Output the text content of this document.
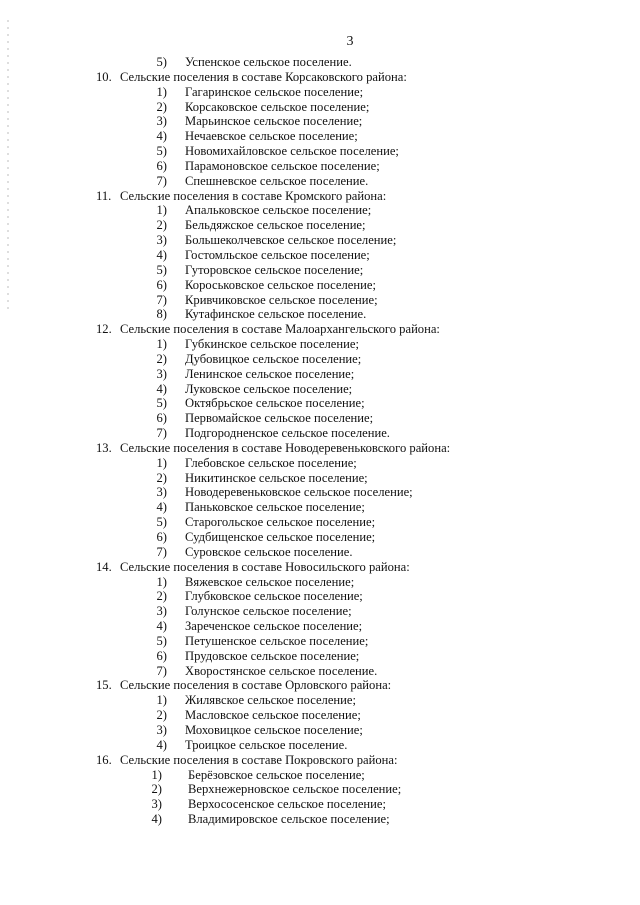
3
5) Успенское сельское поселение.
10. Сельские поселения в составе Корсаковского района:
1) Гагаринское сельское поселение;
2) Корсаковское сельское поселение;
3) Марьинское сельское поселение;
4) Нечаевское сельское поселение;
5) Новомихайловское сельское поселение;
6) Парамоновское сельское поселение;
7) Спешневское сельское поселение.
11. Сельские поселения в составе Кромского района:
1) Апальковское сельское поселение;
2) Бельдяжское сельское поселение;
3) Большеколчевское сельское поселение;
4) Гостомльское сельское поселение;
5) Гуторовское сельское поселение;
6) Короськовское сельское поселение;
7) Кривчиковское сельское поселение;
8) Кутафинское сельское поселение.
12. Сельские поселения в составе Малоархангельского района:
1) Губкинское сельское поселение;
2) Дубовицкое сельское поселение;
3) Ленинское сельское поселение;
4) Луковское сельское поселение;
5) Октябрьское сельское поселение;
6) Первомайское сельское поселение;
7) Подгородненское сельское поселение.
13. Сельские поселения в составе Новодеревеньковского района:
1) Глебовское сельское поселение;
2) Никитинское сельское поселение;
3) Новодеревеньковское сельское поселение;
4) Паньковское сельское поселение;
5) Старогольское сельское поселение;
6) Судбищенское сельское поселение;
7) Суровское сельское поселение.
14. Сельские поселения в составе Новосильского района:
1) Вяжевское сельское поселение;
2) Глубковское сельское поселение;
3) Голунское сельское поселение;
4) Зареченское сельское поселение;
5) Петушенское сельское поселение;
6) Прудовское сельское поселение;
7) Хворостянское сельское поселение.
15. Сельские поселения в составе Орловского района:
1) Жилявское сельское поселение;
2) Масловское сельское поселение;
3) Моховицкое сельское поселение;
4) Троицкое сельское поселение.
16. Сельские поселения в составе Покровского района:
1) Берёзовское сельское поселение;
2) Верхнежерновское сельское поселение;
3) Верхососенское сельское поселение;
4) Владимировское сельское поселение;
